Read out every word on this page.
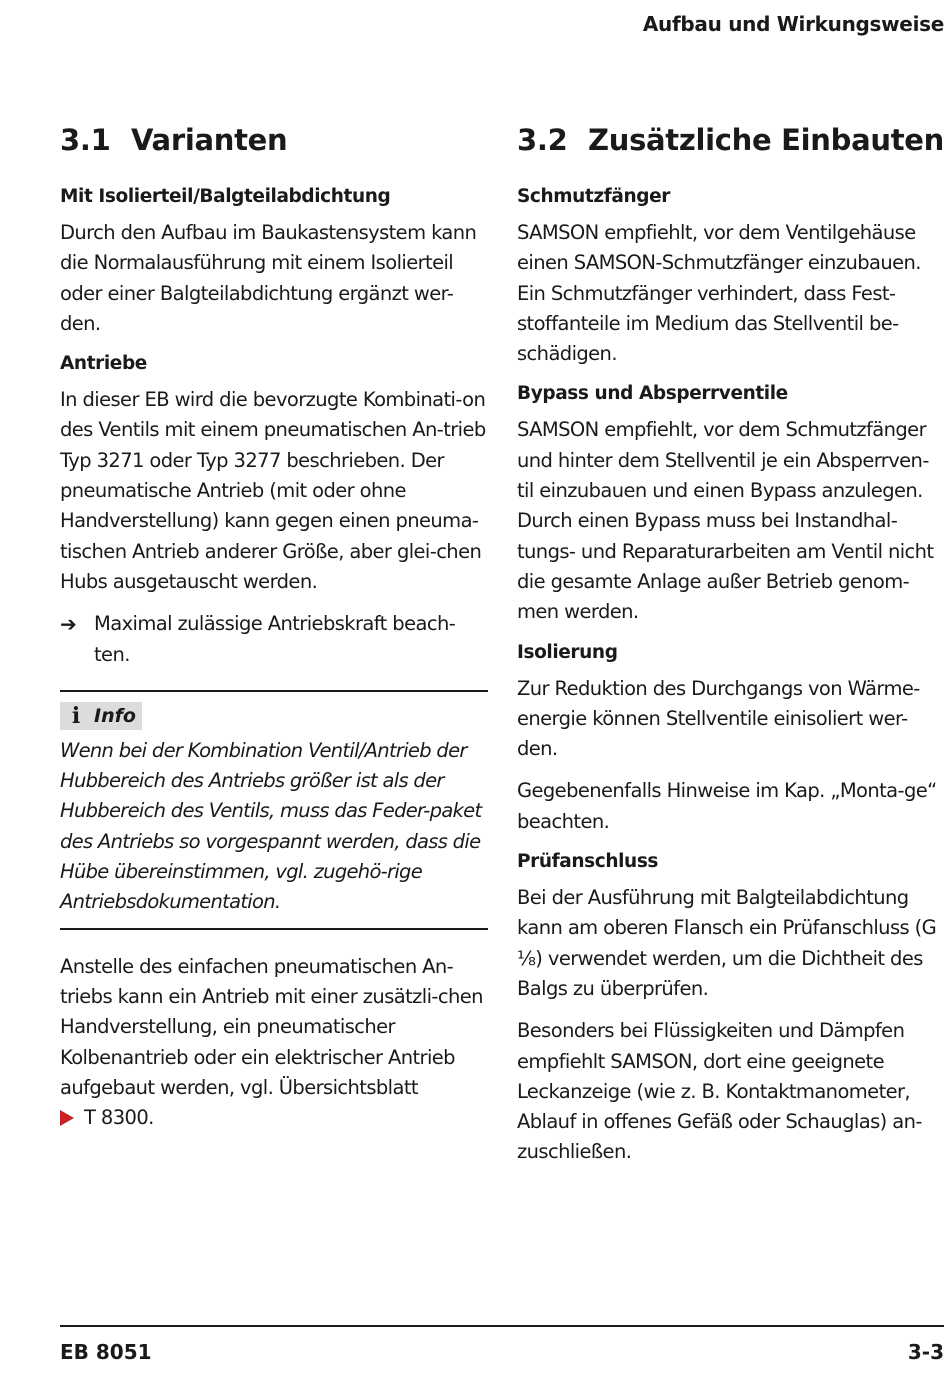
Aufbau und Wirkungsweise
3.1 Varianten
Mit Isolierteil/Balgteilabdichtung

Durch den Aufbau im Baukastensystem kann die Normalausführung mit einem Isolierteil oder einer Balgteilabdichtung ergänzt wer-den.

Antriebe

In dieser EB wird die bevorzugte Kombinati-on des Ventils mit einem pneumatischen An-trieb Typ 3271 oder Typ 3277 beschrieben. Der pneumatische Antrieb (mit oder ohne Handverstellung) kann gegen einen pneuma-tischen Antrieb anderer Größe, aber glei-chen Hubs ausgetauscht werden.

➔ Maximal zulässige Antriebskraft beach-ten.

i Info

Wenn bei der Kombination Ventil/Antrieb der Hubbereich des Antriebs größer ist als der Hubbereich des Ventils, muss das Feder-paket des Antriebs so vorgespannt werden, dass die Hübe übereinstimmen, vgl. zugehö-rige Antriebsdokumentation.

Anstelle des einfachen pneumatischen An-triebs kann ein Antrieb mit einer zusätzli-chen Handverstellung, ein pneumatischer Kolbenantrieb oder ein elektrischer Antrieb aufgebaut werden, vgl. Übersichtsblatt

T 8300.
3.2 Zusätzliche Einbauten
Schmutzfänger

SAMSON empfiehlt, vor dem Ventilgehäuse einen SAMSON-Schmutzfänger einzubauen. Ein Schmutzfänger verhindert, dass Fest-stoffanteile im Medium das Stellventil be-schädigen.

Bypass und Absperrventile

SAMSON empfiehlt, vor dem Schmutzfänger und hinter dem Stellventil je ein Absperrven-til einzubauen und einen Bypass anzulegen. Durch einen Bypass muss bei Instandhal-tungs- und Reparaturarbeiten am Ventil nicht die gesamte Anlage außer Betrieb genom-men werden.

Isolierung

Zur Reduktion des Durchgangs von Wärme-energie können Stellventile einisoliert wer-den.

Gegebenenfalls Hinweise im Kap. „Monta-ge“ beachten.

Prüfanschluss

Bei der Ausführung mit Balgteilabdichtung kann am oberen Flansch ein Prüfanschluss (G ⅛) verwendet werden, um die Dichtheit des Balgs zu überprüfen.

Besonders bei Flüssigkeiten und Dämpfen empfiehlt SAMSON, dort eine geeignete Leckanzeige (wie z. B. Kontaktmanometer, Ablauf in offenes Gefäß oder Schauglas) an-zuschließen.

EB 8051	3-3
